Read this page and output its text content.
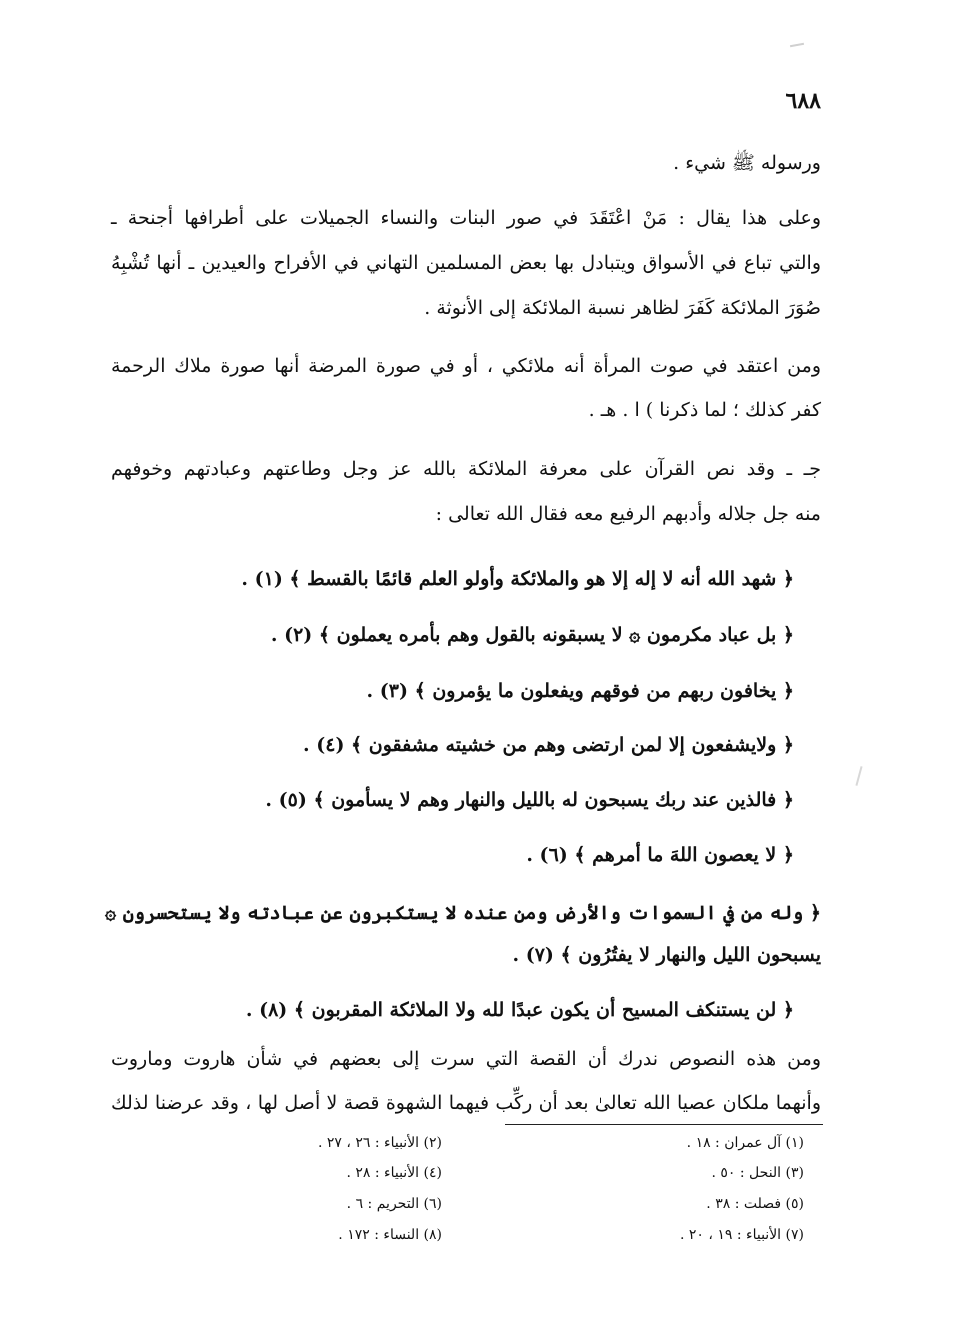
٦٨٨
ورسوله ﷺ شيء .
وعلى هذا يقال : مَنْ اعْتَقَدَ في صور البنات والنساء الجميلات على أطرافها أجنحة ـ
والتي تباع في الأسواق ويتبادل بها بعض المسلمين التهاني في الأفراح والعيدين ـ أنها تُشْبِهُ
صُوَرَ الملائكة كَفَرَ لظاهر نسبة الملائكة إلى الأنوثة .
ومن اعتقد في صوت المرأة أنه ملائكي ، أو في صورة المرضة أنها صورة ملاك الرحمة
كفر كذلك ؛ لما ذكرنا ) ا . هـ .
جـ ـ وقد نص القرآن على معرفة الملائكة بالله عز وجل وطاعتهم وعبادتهم وخوفهم
منه جل جلاله وأدبهم الرفيع معه فقال الله تعالى :
﴿ شهد الله أنه لا إله إلا هو والملائكة وأولو العلم قائمًا بالقسط ﴾ (١) .
﴿ بل عباد مكرمون ۞ لا يسبقونه بالقول وهم بأمره يعملون ﴾ (٢) .
﴿ يخافون ربهم من فوقهم ويفعلون ما يؤمرون ﴾ (٣) .
﴿ ولايشفعون إلا لمن ارتضى وهم من خشيته مشفقون ﴾ (٤) .
﴿ فالذين عند ربك يسبحون له بالليل والنهار وهم لا يسأمون ﴾ (٥) .
﴿ لا يعصون اللهَ ما أمرهم ﴾ (٦) .
﴿ وله من في السموات والأرض ومن عنده لا يستكبرون عن عبادته ولا يستحسرون ۞
يسبحون الليل والنهار لا يفتُرُون ﴾ (٧) .
﴿ لن يستنكف المسيح أن يكون عبدًا لله ولا الملائكة المقربون ﴾ (٨) .
ومن هذه النصوص ندرك أن القصة التي سرت إلى بعضهم في شأن هاروت وماروت
وأنهما ملكان عصيا الله تعالىٰ بعد أن ركِّب فيهما الشهوة قصة لا أصل لها ، وقد عرضنا لذلك
(١) آل عمران : ١٨ .
(٣) النحل : ٥٠ .
(٥) فصلت : ٣٨ .
(٧) الأنبياء : ١٩ ، ٢٠ .
(٢) الأنبياء : ٢٦ ، ٢٧ .
(٤) الأنبياء : ٢٨ .
(٦) التحريم : ٦ .
(٨) النساء : ١٧٢ .
